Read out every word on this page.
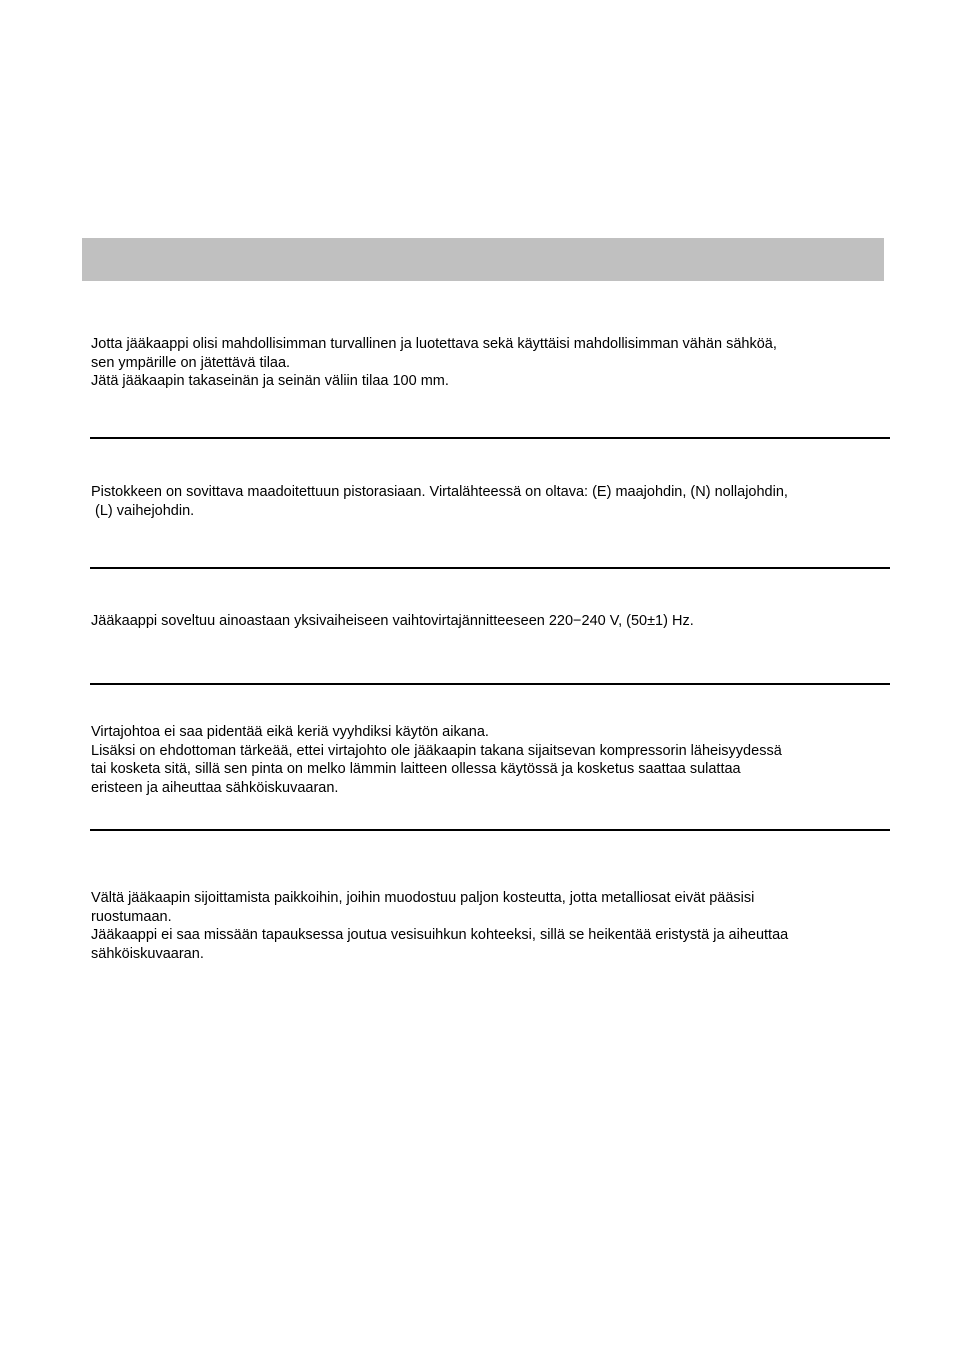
Jotta jääkaappi olisi mahdollisimman turvallinen ja luotettava sekä käyttäisi mahdollisimman vähän sähköä,
sen ympärille on jätettävä tilaa.
Jätä jääkaapin takaseinän ja seinän väliin tilaa 100 mm.

Pistokkeen on sovittava maadoitettuun pistorasiaan. Virtalähteessä on oltava: (E) maajohdin, (N) nollajohdin,
(L) vaihejohdin.

Jääkaappi soveltuu ainoastaan yksivaiheiseen vaihtovirtajännitteeseen 220−240 V, (50±1) Hz.

Virtajohtoa ei saa pidentää eikä keriä vyyhdiksi käytön aikana.
Lisäksi on ehdottoman tärkeää, ettei virtajohto ole jääkaapin takana sijaitsevan kompressorin läheisyydessä
tai kosketa sitä, sillä sen pinta on melko lämmin laitteen ollessa käytössä ja kosketus saattaa sulattaa
eristeen ja aiheuttaa sähköiskuvaaran.

Vältä jääkaapin sijoittamista paikkoihin, joihin muodostuu paljon kosteutta, jotta metalliosat eivät pääsisi
ruostumaan.
Jääkaappi ei saa missään tapauksessa joutua vesisuihkun kohteeksi, sillä se heikentää eristystä ja aiheuttaa
sähköiskuvaaran.
